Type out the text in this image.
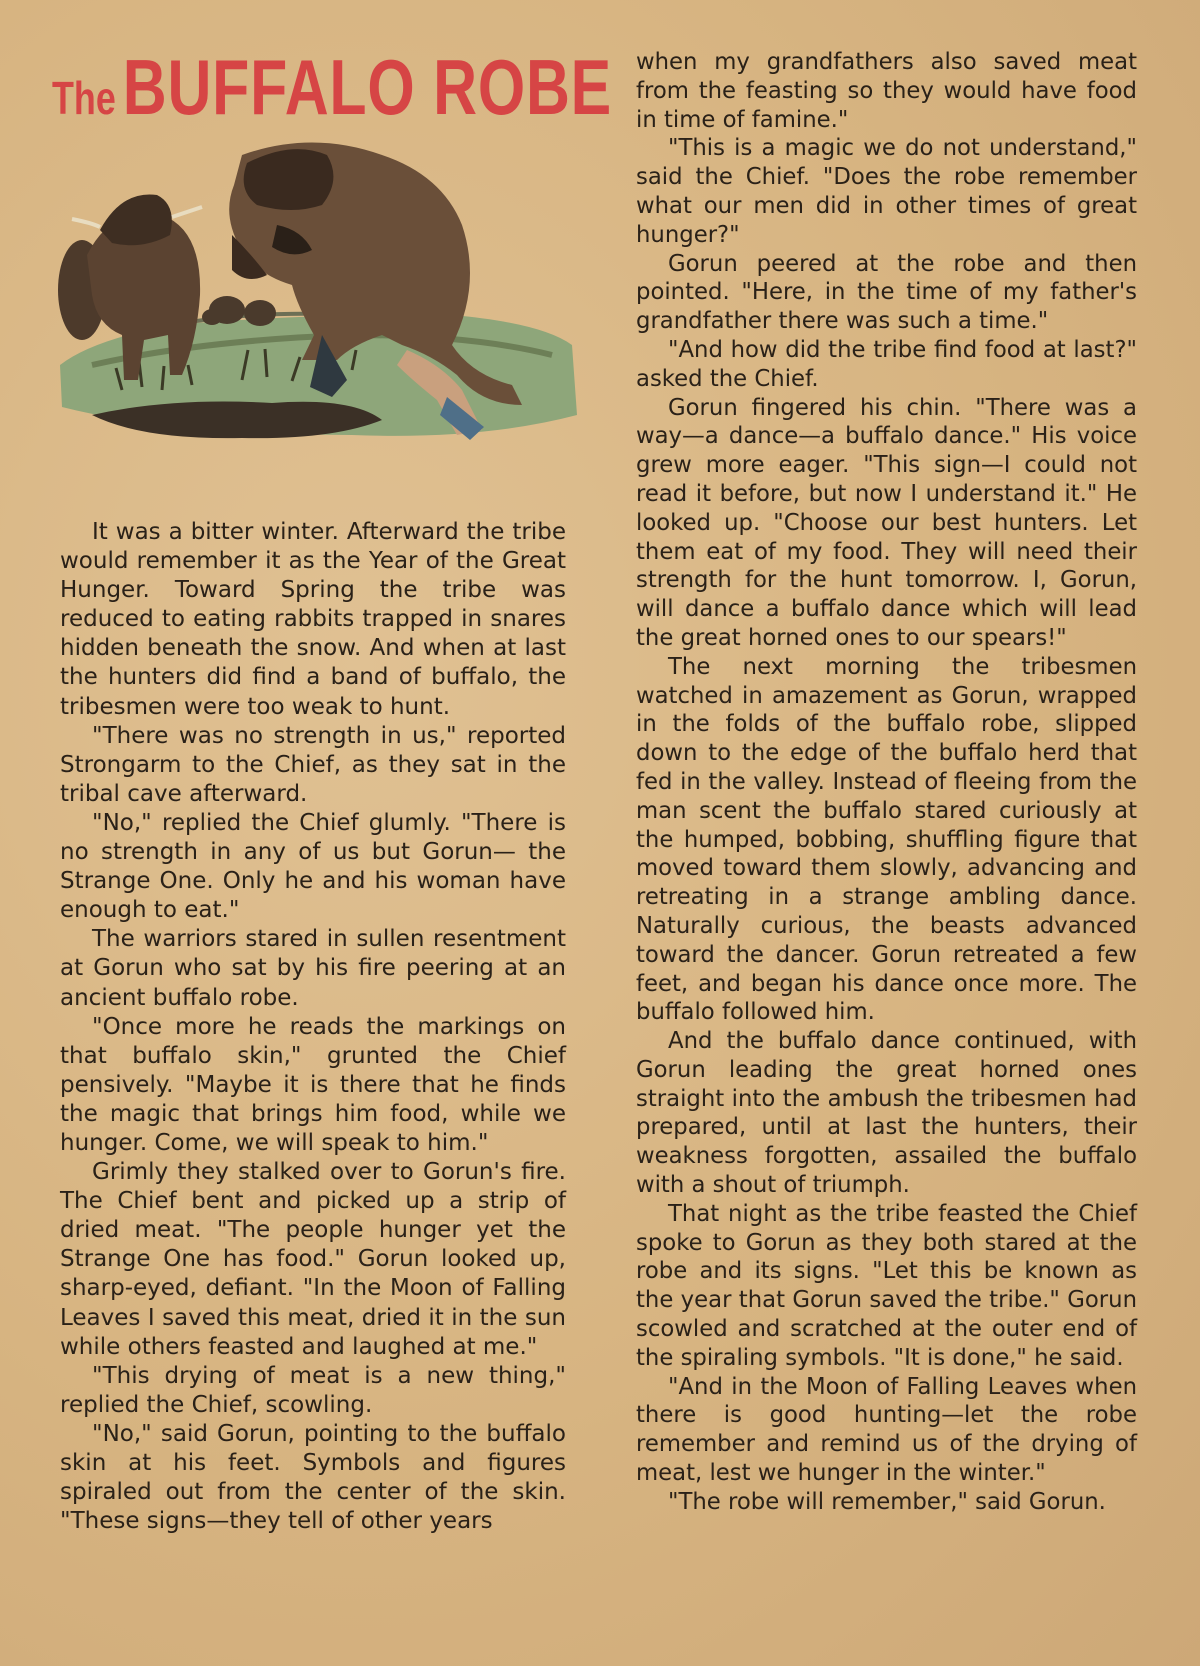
The BUFFALO ROBE

It was a bitter winter. Afterward the tribe would remember it as the Year of the Great Hunger. Toward Spring the tribe was reduced to eating rabbits trapped in snares hidden beneath the snow. And when at last the hunters did find a band of buffalo, the tribesmen were too weak to hunt.

"There was no strength in us," reported Strongarm to the Chief, as they sat in the tribal cave afterward.

"No," replied the Chief glumly. "There is no strength in any of us but Gorun— the Strange One. Only he and his woman have enough to eat."

The warriors stared in sullen resentment at Gorun who sat by his fire peering at an ancient buffalo robe.

"Once more he reads the markings on that buffalo skin," grunted the Chief pensively. "Maybe it is there that he finds the magic that brings him food, while we hunger. Come, we will speak to him."

Grimly they stalked over to Gorun's fire. The Chief bent and picked up a strip of dried meat. "The people hunger yet the Strange One has food." Gorun looked up, sharp-eyed, defiant. "In the Moon of Falling Leaves I saved this meat, dried it in the sun while others feasted and laughed at me."

"This drying of meat is a new thing," replied the Chief, scowling.

"No," said Gorun, pointing to the buffalo skin at his feet. Symbols and figures spiraled out from the center of the skin. "These signs—they tell of other years

when my grandfathers also saved meat from the feasting so they would have food in time of famine."

"This is a magic we do not understand," said the Chief. "Does the robe remember what our men did in other times of great hunger?"

Gorun peered at the robe and then pointed. "Here, in the time of my father's grandfather there was such a time."

"And how did the tribe find food at last?" asked the Chief.

Gorun fingered his chin. "There was a way—a dance—a buffalo dance." His voice grew more eager. "This sign—I could not read it before, but now I understand it." He looked up. "Choose our best hunters. Let them eat of my food. They will need their strength for the hunt tomorrow. I, Gorun, will dance a buffalo dance which will lead the great horned ones to our spears!"

The next morning the tribesmen watched in amazement as Gorun, wrapped in the folds of the buffalo robe, slipped down to the edge of the buffalo herd that fed in the valley. Instead of fleeing from the man scent the buffalo stared curiously at the humped, bobbing, shuffling figure that moved toward them slowly, advancing and retreating in a strange ambling dance. Naturally curious, the beasts advanced toward the dancer. Gorun retreated a few feet, and began his dance once more. The buffalo followed him.

And the buffalo dance continued, with Gorun leading the great horned ones straight into the ambush the tribesmen had prepared, until at last the hunters, their weakness forgotten, assailed the buffalo with a shout of triumph.

That night as the tribe feasted the Chief spoke to Gorun as they both stared at the robe and its signs. "Let this be known as the year that Gorun saved the tribe." Gorun scowled and scratched at the outer end of the spiraling symbols. "It is done," he said.

"And in the Moon of Falling Leaves when there is good hunting—let the robe remember and remind us of the drying of meat, lest we hunger in the winter."

"The robe will remember," said Gorun.
